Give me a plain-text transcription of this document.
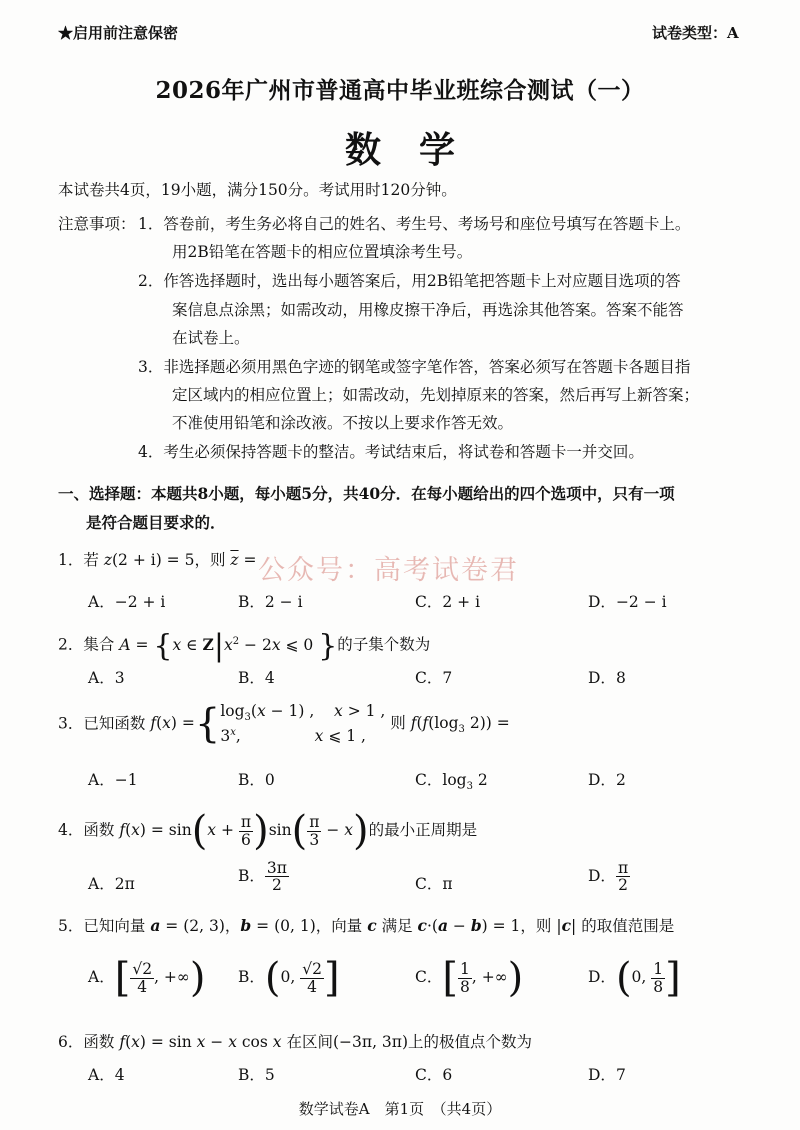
★启用前注意保密	试卷类型：A
2026年广州市普通高中毕业班综合测试（一）
数学
本试卷共4页，19小题，满分150分。考试用时120分钟。
注意事项： 1．答卷前，考生务必将自己的姓名、考生号、考场号和座位号填写在答题卡上。
用2B铅笔在答题卡的相应位置填涂考生号。
2．作答选择题时，选出每小题答案后，用2B铅笔把答题卡上对应题目选项的答
案信息点涂黑；如需改动，用橡皮擦干净后，再选涂其他答案。答案不能答
在试卷上。
3．非选择题必须用黑色字迹的钢笔或签字笔作答，答案必须写在答题卡各题目指
定区域内的相应位置上；如需改动，先划掉原来的答案，然后再写上新答案；
不准使用铅笔和涂改液。不按以上要求作答无效。
4．考生必须保持答题卡的整洁。考试结束后，将试卷和答题卡一并交回。
一、选择题：本题共8小题，每小题5分，共40分．在每小题给出的四个选项中，只有一项
是符合题目要求的．
1．若 z(2 + i) = 5，则 $\overline{z}$ = 公众号：高考试卷君
A．−2 + i	B．2 − i	C．2 + i	D．−2 − i
2．集合 A = {x ∈ $Z|x^2 - 2x$ ⩽ 0 }的子集个数为
A．3	B．4	C．7	D．8
3．已知函数 $f(x) =\{\log_3(x - 1)$ ,    x > 1 ,
3$^x$,               x ⩽ 1 , 则 $f(f(\log_3$ 2)) =
A．−1	B．0	C．$\log_3 2$	D．2
4．函数 $f(x) = \sin(x + \frac{\pi}{6} )\sin( \frac{\pi}{3} - x)$的最小正周期是
A．2π	B． $\frac{3\pi}{2}$	C．π	D． $\frac{\pi}{2}$
5．已知向量 a = (2, 3)，b = (0, 1)，向量 c 满足 c·(a − b) = 1，则 |c| 的取值范围是
A．[ $\frac{√2}{4}$ , +∞) B．(0, $\frac{√2}{4}$ ]	C．[ $\frac{1}{8}$ , +∞)	D．(0, $\frac{1}{8}$ ]
6．函数 f(x) = sin x − x cos x 在区间(−3π, 3π)上的极值点个数为
A．4	B．5	C．6	D．7
数学试卷A　第1页　（共4页）
